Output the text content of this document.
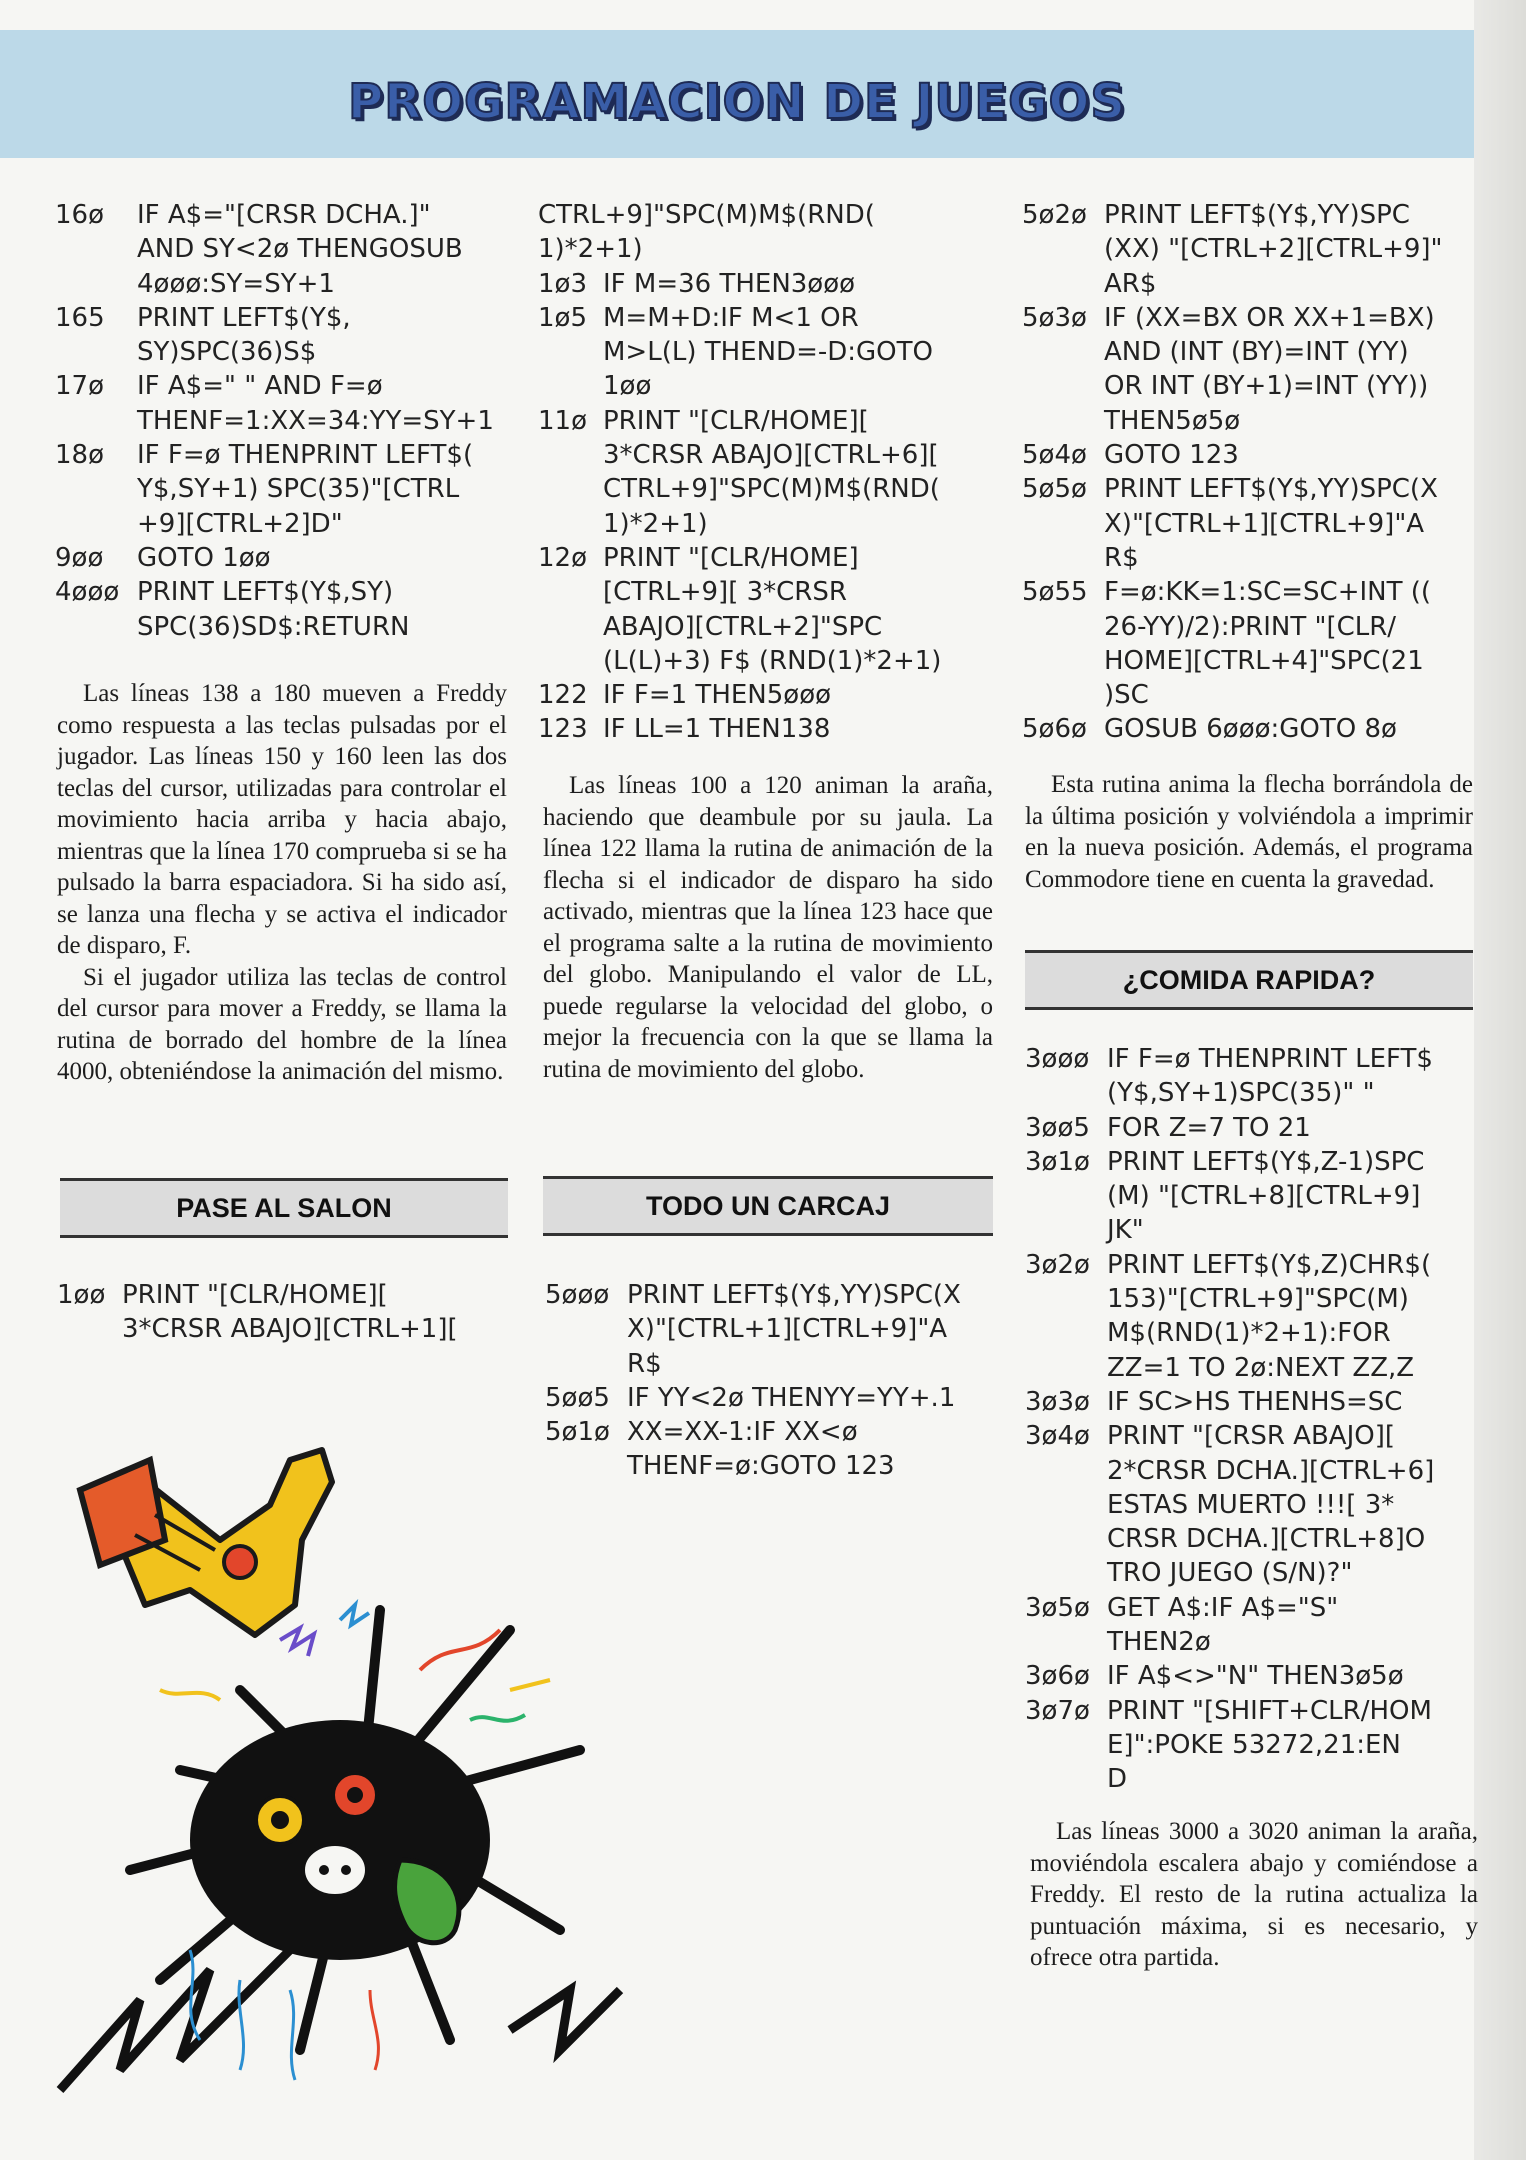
PROGRAMACION DE JUEGOS
16ø	IF A$="[CRSR DCHA.]"
AND SY<2ø THENGOSUB
4øøø:SY=SY+1
165	PRINT LEFT$(Y$,
SY)SPC(36)S$
17ø	IF A$=" " AND F=ø
THENF=1:XX=34:YY=SY+1
18ø	IF F=ø THENPRINT LEFT$(
Y$,SY+1) SPC(35)"[CTRL
+9][CTRL+2]D"
9øø	GOTO 1øø
4øøø PRINT LEFT$(Y$,SY)
SPC(36)SD$:RETURN

Las líneas 138 a 180 mueven a Freddy como respuesta a las teclas pulsadas por el jugador. Las líneas 150 y 160 leen las dos teclas del cursor, utilizadas para controlar el movimiento hacia arriba y hacia abajo, mientras que la línea 170 comprueba si se ha pulsado la barra espaciadora. Si ha sido así, se lanza una flecha y se activa el indicador de disparo, F.

Si el jugador utiliza las teclas de control del cursor para mover a Freddy, se llama la rutina de borrado del hombre de la línea 4000, obteniéndose la animación del mismo.

PASE AL SALON
1øø PRINT "[CLR/HOME][
3*CRSR ABAJO][CTRL+1][

CTRL+9]"SPC(M)M$(RND(
1)*2+1)
1ø3 IF M=36 THEN3øøø
1ø5 M=M+D:IF M<1 OR
M>L(L) THEND=-D:GOTO
1øø
11ø PRINT "[CLR/HOME][
3*CRSR ABAJO][CTRL+6][
CTRL+9]"SPC(M)M$(RND(
1)*2+1)
12ø PRINT "[CLR/HOME]
[CTRL+9][ 3*CRSR
ABAJO][CTRL+2]"SPC
(L(L)+3) F$ (RND(1)*2+1)
122 IF F=1 THEN5øøø
123 IF LL=1 THEN138

Las líneas 100 a 120 animan la araña, haciendo que deambule por su jaula. La línea 122 llama la rutina de animación de la flecha si el indicador de disparo ha sido activado, mientras que la línea 123 hace que el programa salte a la rutina de movimiento del globo. Manipulando el valor de LL, puede regularse la velocidad del globo, o mejor la frecuencia con la que se llama la rutina de movimiento del globo.

TODO UN CARCAJ
5øøø PRINT LEFT$(Y$,YY)SPC(X
X)"[CTRL+1][CTRL+9]"A
R$
5øø5 IF YY<2ø THENYY=YY+.1
5ø1ø XX=XX-1:IF XX<ø
THENF=ø:GOTO 123
5ø2ø PRINT LEFT$(Y$,YY)SPC
(XX) "[CTRL+2][CTRL+9]"
AR$
5ø3ø IF (XX=BX OR XX+1=BX)
AND (INT (BY)=INT (YY)
OR INT (BY+1)=INT (YY))
THEN5ø5ø
5ø4ø GOTO 123
5ø5ø PRINT LEFT$(Y$,YY)SPC(X
X)"[CTRL+1][CTRL+9]"A
R$
5ø55 F=ø:KK=1:SC=SC+INT ((
26-YY)/2):PRINT "[CLR/
HOME][CTRL+4]"SPC(21
)SC
5ø6ø GOSUB 6øøø:GOTO 8ø

Esta rutina anima la flecha borrándola de la última posición y volviéndola a imprimir en la nueva posición. Además, el programa Commodore tiene en cuenta la gravedad.

¿COMIDA RAPIDA?
3øøø IF F=ø THENPRINT LEFT$
(Y$,SY+1)SPC(35)" "
3øø5 FOR Z=7 TO 21
3ø1ø PRINT LEFT$(Y$,Z-1)SPC
(M) "[CTRL+8][CTRL+9]
JK"
3ø2ø PRINT LEFT$(Y$,Z)CHR$(
153)"[CTRL+9]"SPC(M)
M$(RND(1)*2+1):FOR
ZZ=1 TO 2ø:NEXT ZZ,Z
3ø3ø IF SC>HS THENHS=SC
3ø4ø PRINT "[CRSR ABAJO][
2*CRSR DCHA.][CTRL+6]
ESTAS MUERTO !!![ 3*
CRSR DCHA.][CTRL+8]O
TRO JUEGO (S/N)?"
3ø5ø GET A$:IF A$="S"
THEN2ø
3ø6ø IF A$<>"N" THEN3ø5ø
3ø7ø PRINT "[SHIFT+CLR/HOM
E]":POKE 53272,21:EN
D

Las líneas 3000 a 3020 animan la araña, moviéndola escalera abajo y comiéndose a Freddy. El resto de la rutina actualiza la puntuación máxima, si es necesario, y ofrece otra partida.
